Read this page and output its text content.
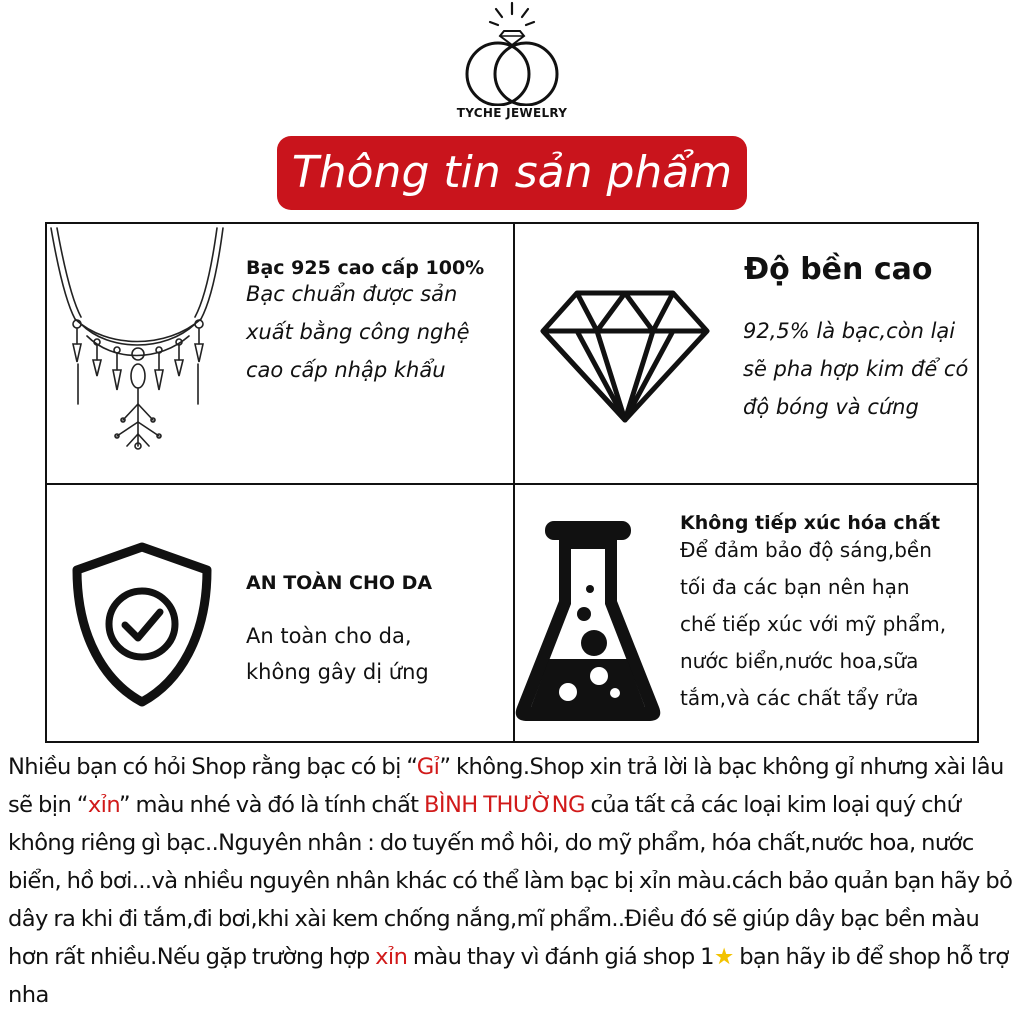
TYCHE JEWELRY
Thông tin sản phẩm

Bạc 925 cao cấp 100%

Bạc chuẩn được sản
xuất bằng công nghệ
cao cấp nhập khẩu

Độ bền cao

92,5% là bạc,còn lại
sẽ pha hợp kim để có
độ bóng và cứng

AN TOÀN CHO DA

An toàn cho da,
không gây dị ứng

Không tiếp xúc hóa chất

Để đảm bảo độ sáng,bền
tối đa các bạn nên hạn
chế tiếp xúc với mỹ phẩm,
nước biển,nước hoa,sữa
tắm,và các chất tẩy rửa

Nhiều bạn có hỏi Shop rằng bạc có bị “Gỉ” không.Shop xin trả lời là bạc không gỉ nhưng xài lâu sẽ bịn “xỉn” màu nhé và đó là tính chất BÌNH THƯỜNG của tất cả các loại kim loại quý chứ không riêng gì bạc..Nguyên nhân : do tuyến mồ hôi, do mỹ phẩm, hóa chất,nước hoa, nước biển, hồ bơi...và nhiều nguyên nhân khác có thể làm bạc bị xỉn màu.cách bảo quản bạn hãy bỏ dây ra khi đi tắm,đi bơi,khi xài kem chống nắng,mĩ phẩm..Điều đó sẽ giúp dây bạc bền màu hơn rất nhiều.Nếu gặp trường hợp xỉn màu thay vì đánh giá shop 1★ bạn hãy ib để shop hỗ trợ nha
